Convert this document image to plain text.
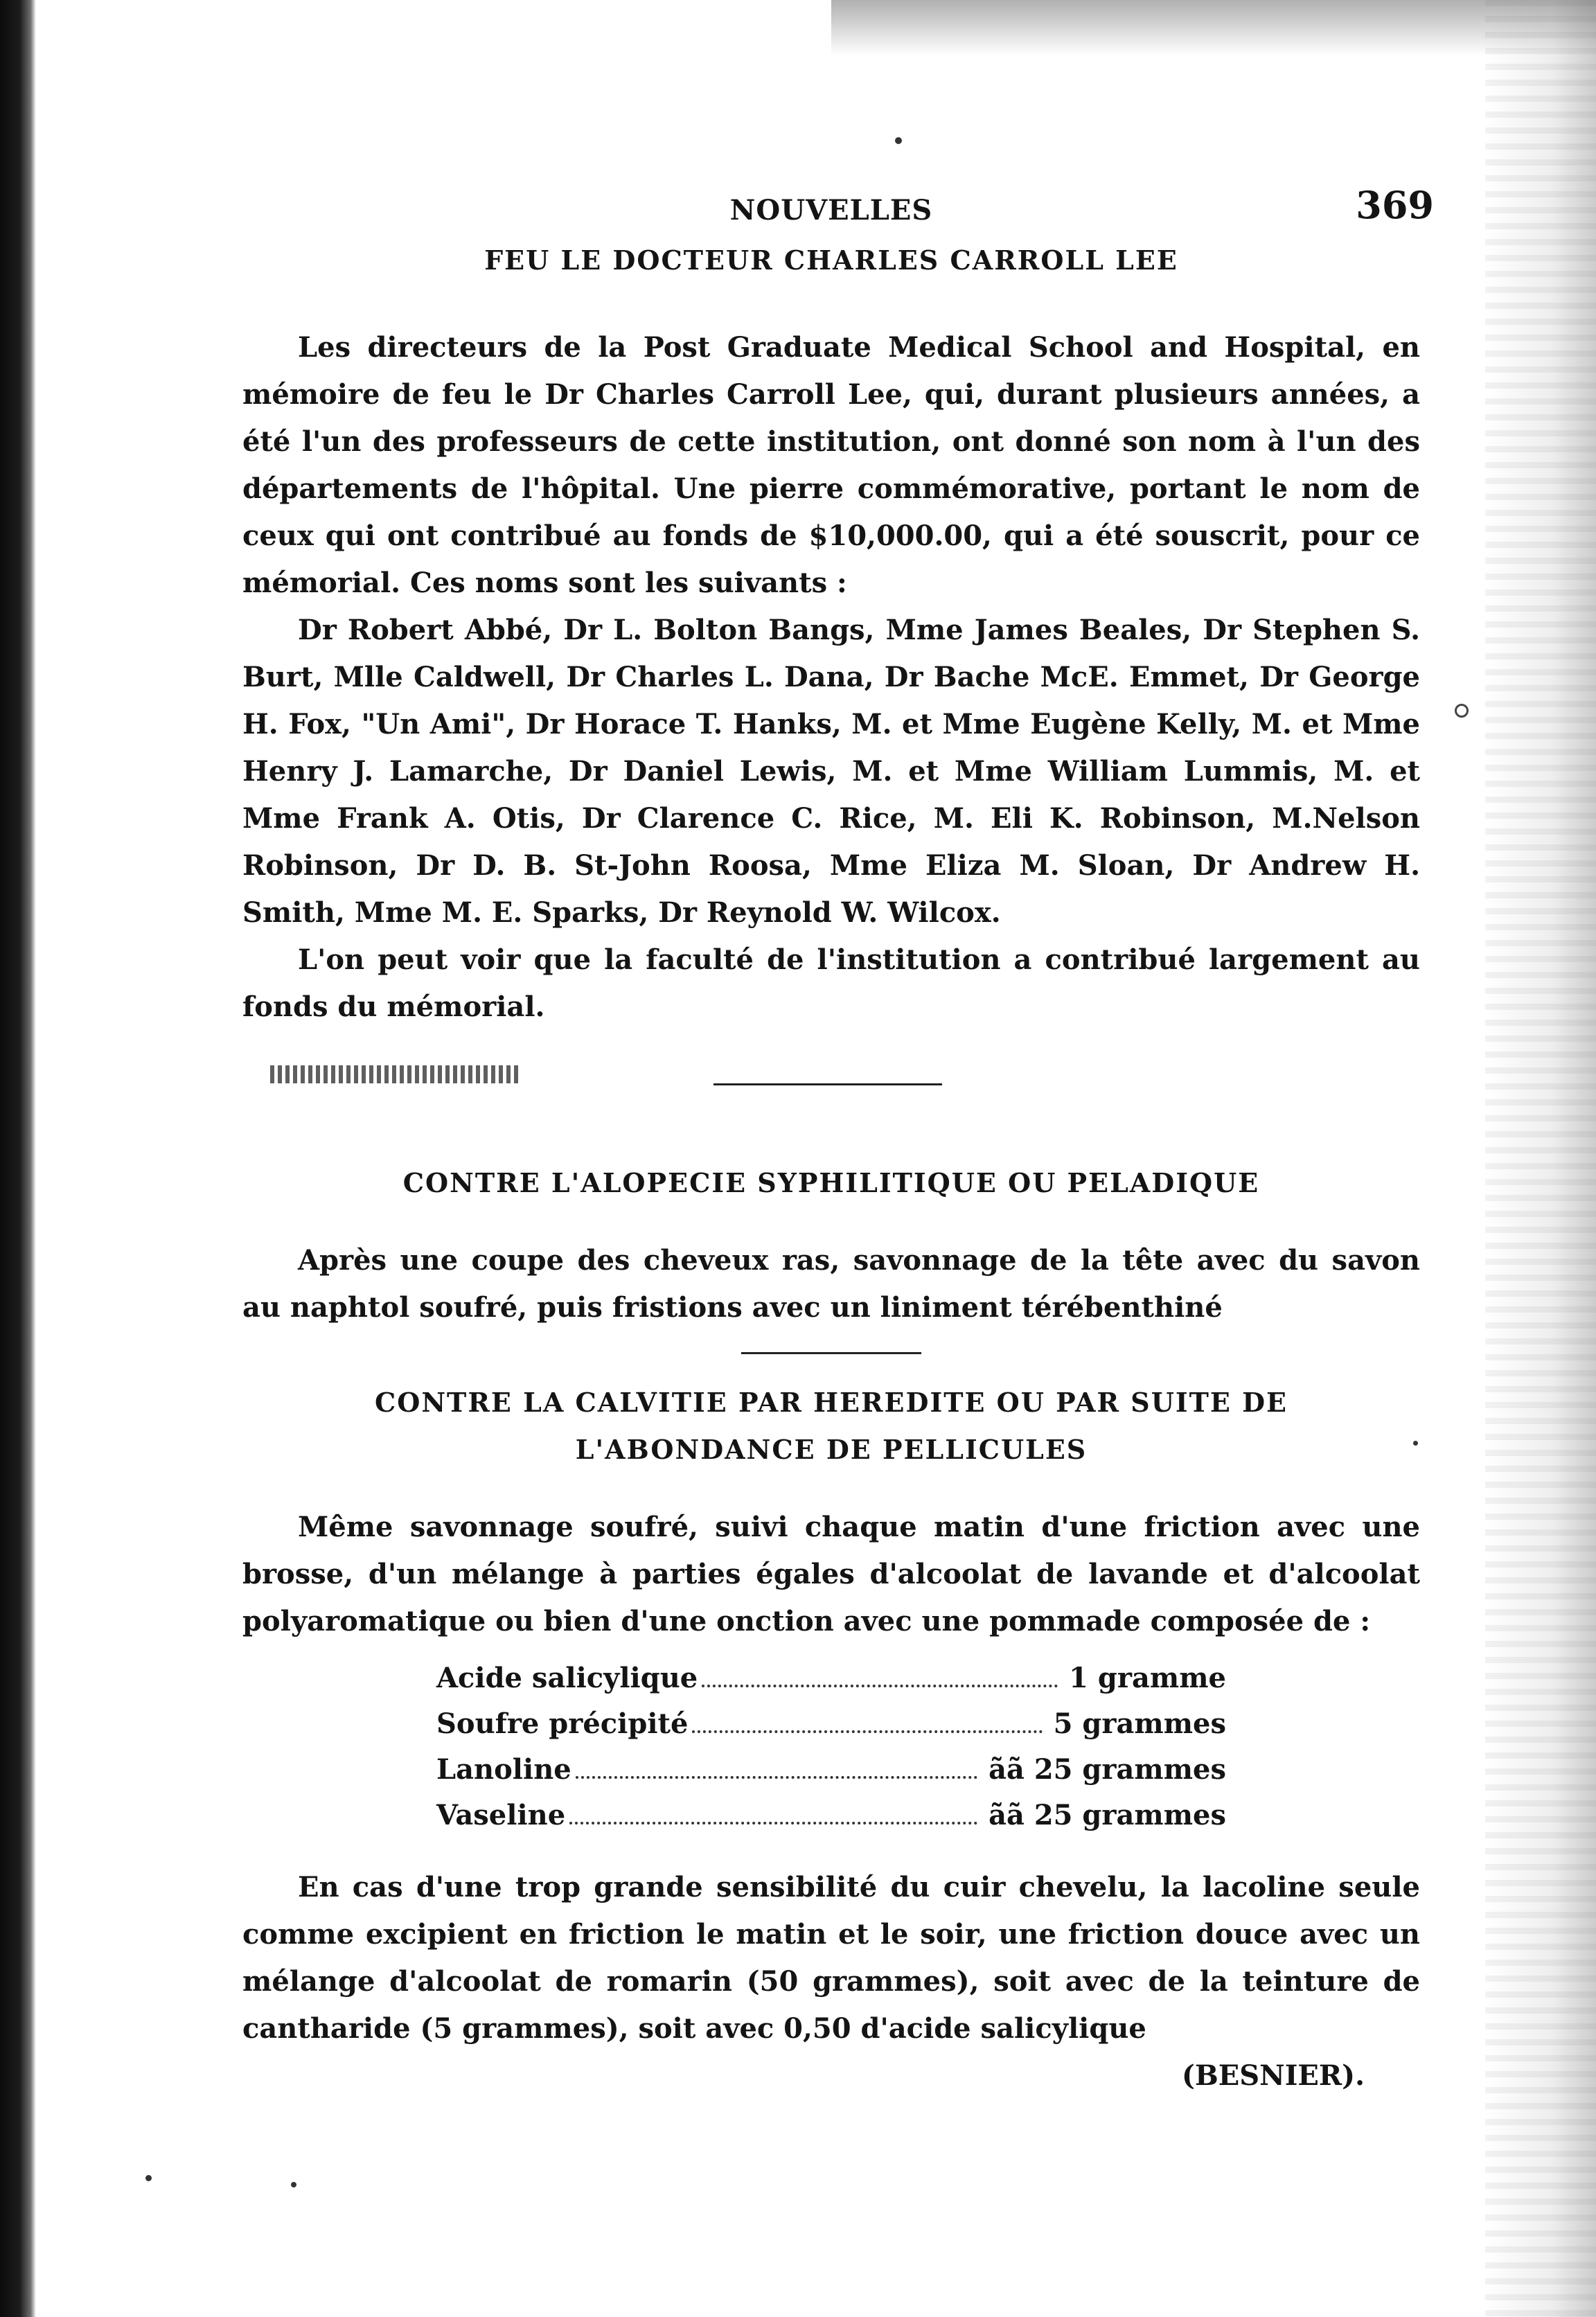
NOUVELLES	369
FEU LE DOCTEUR CHARLES CARROLL LEE

Les directeurs de la Post Graduate Medical School and Hospital, en mémoire de feu le Dr Charles Carroll Lee, qui, durant plusieurs années, a été l'un des professeurs de cette institution, ont donné son nom à l'un des départements de l'hôpital. Une pierre commémorative, portant le nom de ceux qui ont contribué au fonds de $10,000.00, qui a été souscrit, pour ce mémorial. Ces noms sont les suivants :

Dr Robert Abbé, Dr L. Bolton Bangs, Mme James Beales, Dr Stephen S. Burt, Mlle Caldwell, Dr Charles L. Dana, Dr Bache McE. Emmet, Dr George H. Fox, "Un Ami", Dr Horace T. Hanks, M. et Mme Eugène Kelly, M. et Mme Henry J. Lamarche, Dr Daniel Lewis, M. et Mme William Lummis, M. et Mme Frank A. Otis, Dr Clarence C. Rice, M. Eli K. Robinson, M.Nelson Robinson, Dr D. B. St-John Roosa, Mme Eliza M. Sloan, Dr Andrew H. Smith, Mme M. E. Sparks, Dr Reynold W. Wilcox.

L'on peut voir que la faculté de l'institution a contribué largement au fonds du mémorial.

CONTRE L'ALOPECIE SYPHILITIQUE OU PELADIQUE

Après une coupe des cheveux ras, savonnage de la tête avec du savon au naphtol soufré, puis fristions avec un liniment térébenthiné

CONTRE LA CALVITIE PAR HEREDITE OU PAR SUITE DE
L'ABONDANCE DE PELLICULES

Même savonnage soufré, suivi chaque matin d'une friction avec une brosse, d'un mélange à parties égales d'alcoolat de lavande et d'alcoolat polyaromatique ou bien d'une onction avec une pommade composée de :

Acide salicylique	1 gramme
Soufre précipité	5 grammes
Lanoline	ãã 25 grammes
Vaseline	ãã 25 grammes

En cas d'une trop grande sensibilité du cuir chevelu, la lacoline seule comme excipient en friction le matin et le soir, une friction douce avec un mélange d'alcoolat de romarin (50 grammes), soit avec de la teinture de cantharide (5 grammes), soit avec 0,50 d'acide salicylique

(BESNIER).
